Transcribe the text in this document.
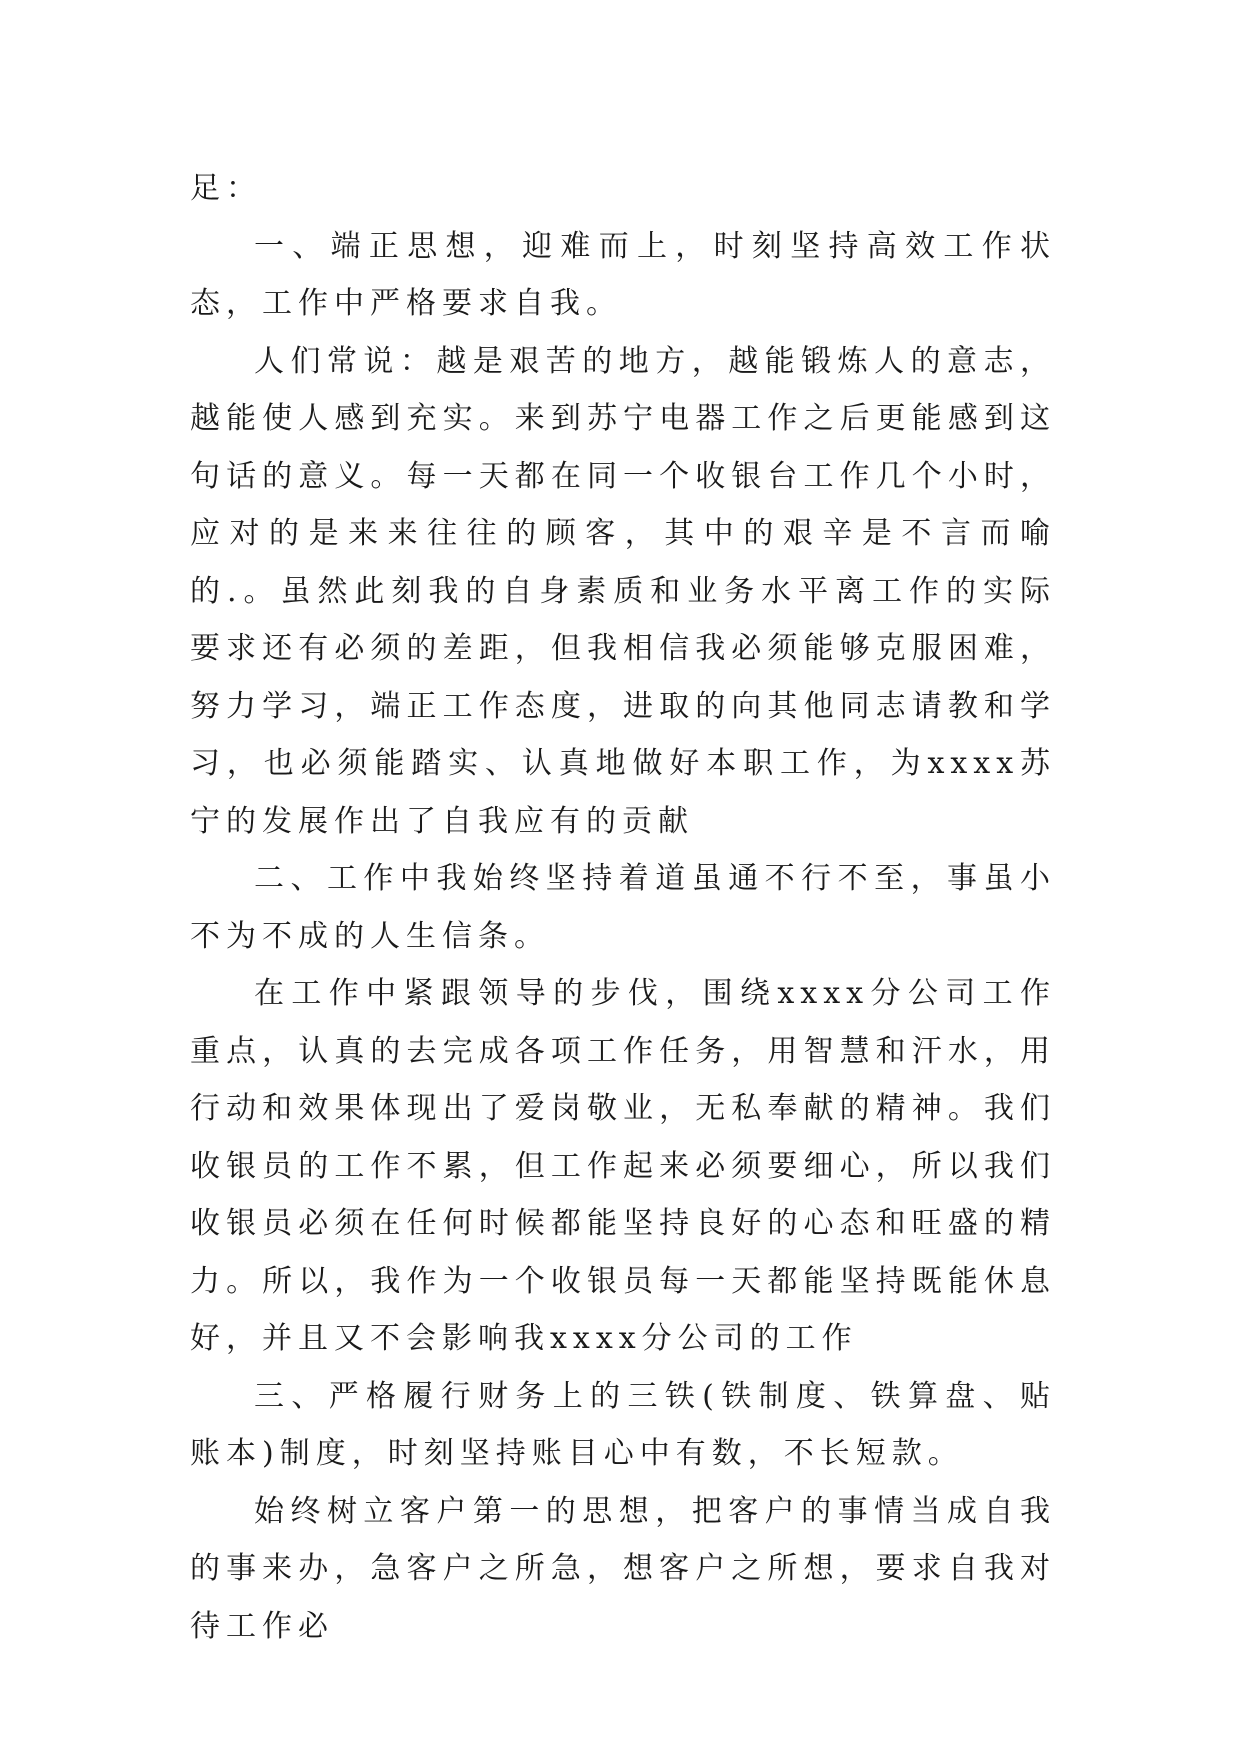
足：

一、端正思想，迎难而上，时刻坚持高效工作状态，工作中严格要求自我。

人们常说：越是艰苦的地方，越能锻炼人的意志，越能使人感到充实。来到苏宁电器工作之后更能感到这句话的意义。每一天都在同一个收银台工作几个小时，应对的是来来往往的顾客，其中的艰辛是不言而喻的.。虽然此刻我的自身素质和业务水平离工作的实际要求还有必须的差距，但我相信我必须能够克服困难，努力学习，端正工作态度，进取的向其他同志请教和学习，也必须能踏实、认真地做好本职工作，为xxxx苏宁的发展作出了自我应有的贡献

二、工作中我始终坚持着道虽通不行不至，事虽小不为不成的人生信条。

在工作中紧跟领导的步伐，围绕xxxx分公司工作重点，认真的去完成各项工作任务，用智慧和汗水，用行动和效果体现出了爱岗敬业，无私奉献的精神。我们收银员的工作不累，但工作起来必须要细心，所以我们收银员必须在任何时候都能坚持良好的心态和旺盛的精力。所以，我作为一个收银员每一天都能坚持既能休息好，并且又不会影响我xxxx分公司的工作

三、严格履行财务上的三铁(铁制度、铁算盘、贴账本)制度，时刻坚持账目心中有数，不长短款。

始终树立客户第一的思想，把客户的事情当成自我的事来办，急客户之所急，想客户之所想，要求自我对待工作必
